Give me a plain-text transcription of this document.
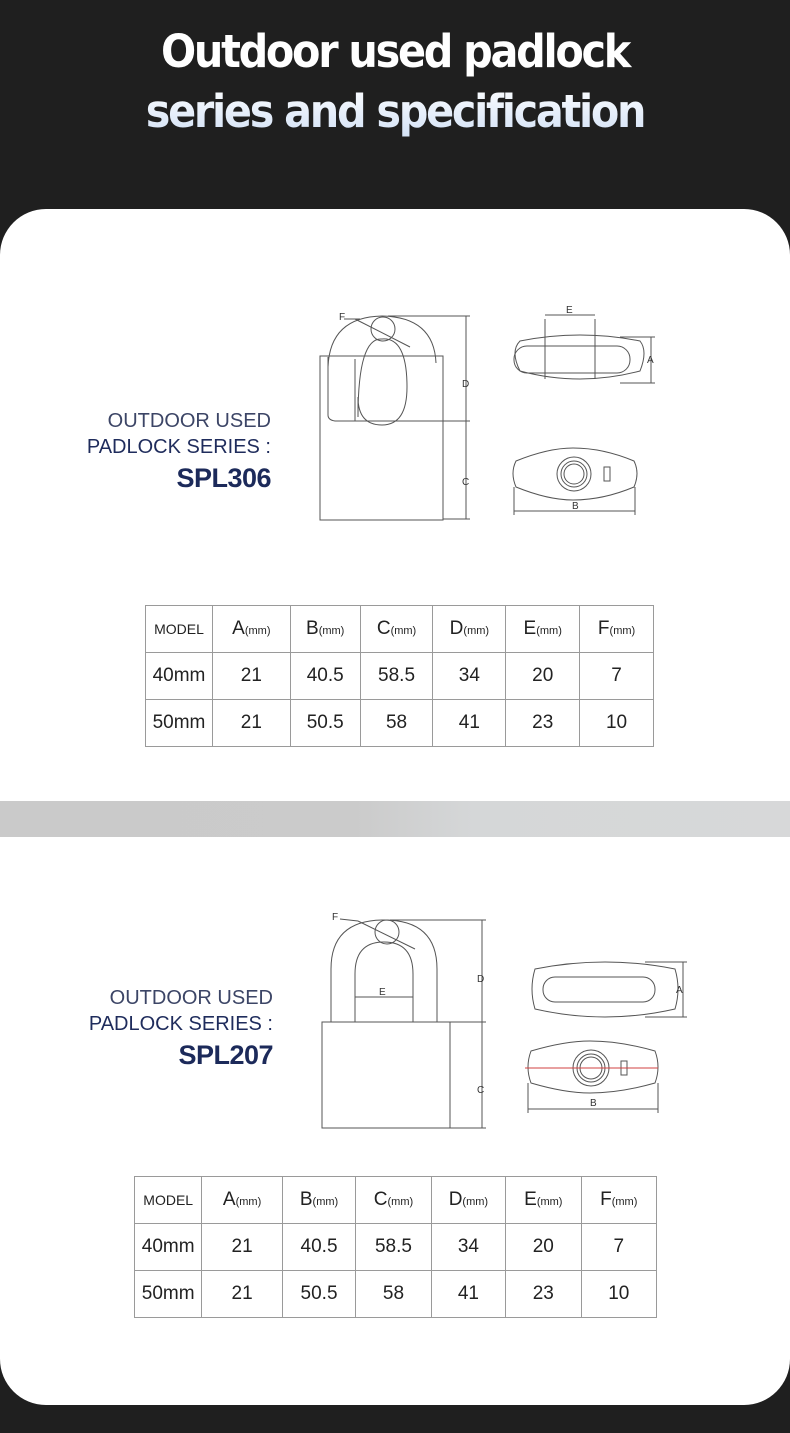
Outdoor used padlock
series and specification
OUTDOOR USED
PADLOCK SERIES :
SPL306
F
D
C
E
A
B
MODEL	A(mm)	B(mm)	C(mm)	D(mm)	E(mm)	F(mm)
40mm	21	40.5	58.5	34	20	7
50mm	21	50.5	58	41	23	10
OUTDOOR USED
PADLOCK SERIES :
SPL207
F
E
D
C
A
B
MODEL	A(mm)	B(mm)	C(mm)	D(mm)	E(mm)	F(mm)
40mm	21	40.5	58.5	34	20	7
50mm	21	50.5	58	41	23	10
